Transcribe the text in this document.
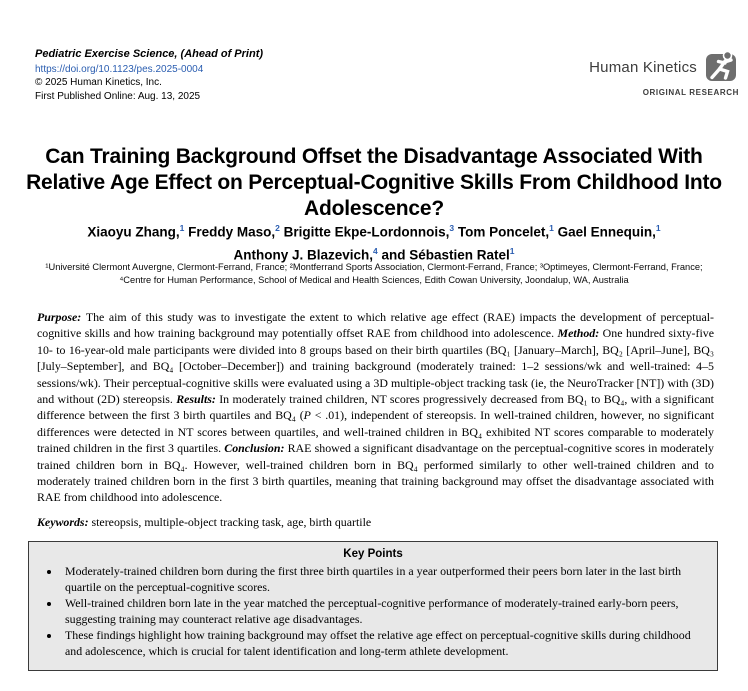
Pediatric Exercise Science, (Ahead of Print)
https://doi.org/10.1123/pes.2025-0004
© 2025 Human Kinetics, Inc.
First Published Online: Aug. 13, 2025
Human Kinetics
ORIGINAL RESEARCH
Can Training Background Offset the Disadvantage Associated With Relative Age Effect on Perceptual-Cognitive Skills From Childhood Into Adolescence?
Xiaoyu Zhang,$^1$ Freddy Maso,$^2$ Brigitte Ekpe-Lordonnois,$^3$ Tom Poncelet,$^1$ Gael Ennequin,$^1$
Anthony J. Blazevich,$^4$ and Sébastien Ratel$^1$
¹Université Clermont Auvergne, Clermont-Ferrand, France; ²Montferrand Sports Association, Clermont-Ferrand, France; ³Optimeyes, Clermont-Ferrand, France;
⁴Centre for Human Performance, School of Medical and Health Sciences, Edith Cowan University, Joondalup, WA, Australia

Purpose: The aim of this study was to investigate the extent to which relative age effect (RAE) impacts the development of perceptual-cognitive skills and how training background may potentially offset RAE from childhood into adolescence. Method: One hundred sixty-five 10- to 16-year-old male participants were divided into 8 groups based on their birth quartiles (BQ₁ [January–March], BQ₂ [April–June], BQ₃ [July–September], and BQ₄ [October–December]) and training background (moderately trained: 1–2 sessions/wk and well-trained: 4–5 sessions/wk). Their perceptual-cognitive skills were evaluated using a 3D multiple-object tracking task (ie, the NeuroTracker [NT]) with (3D) and without (2D) stereopsis. Results: In moderately trained children, NT scores progressively decreased from BQ₁ to BQ₄, with a significant difference between the first 3 birth quartiles and BQ₄ (P < .01), independent of stereopsis. In well-trained children, however, no significant differences were detected in NT scores between quartiles, and well-trained children in BQ₄ exhibited NT scores comparable to moderately trained children in the first 3 quartiles. Conclusion: RAE showed a significant disadvantage on the perceptual-cognitive scores in moderately trained children born in BQ₄. However, well-trained children born in BQ₄ performed similarly to other well-trained children and to moderately trained children born in the first 3 birth quartiles, meaning that training background may offset the disadvantage associated with RAE from childhood into adolescence.

Keywords: stereopsis, multiple-object tracking task, age, birth quartile

Key Points
• Moderately-trained children born during the first three birth quartiles in a year outperformed their peers born later in the last birth quartile on the perceptual-cognitive scores.
• Well-trained children born late in the year matched the perceptual-cognitive performance of moderately-trained early-born peers, suggesting training may counteract relative age disadvantages.
• These findings highlight how training background may offset the relative age effect on perceptual-cognitive skills during childhood and adolescence, which is crucial for talent identification and long-term athlete development.
